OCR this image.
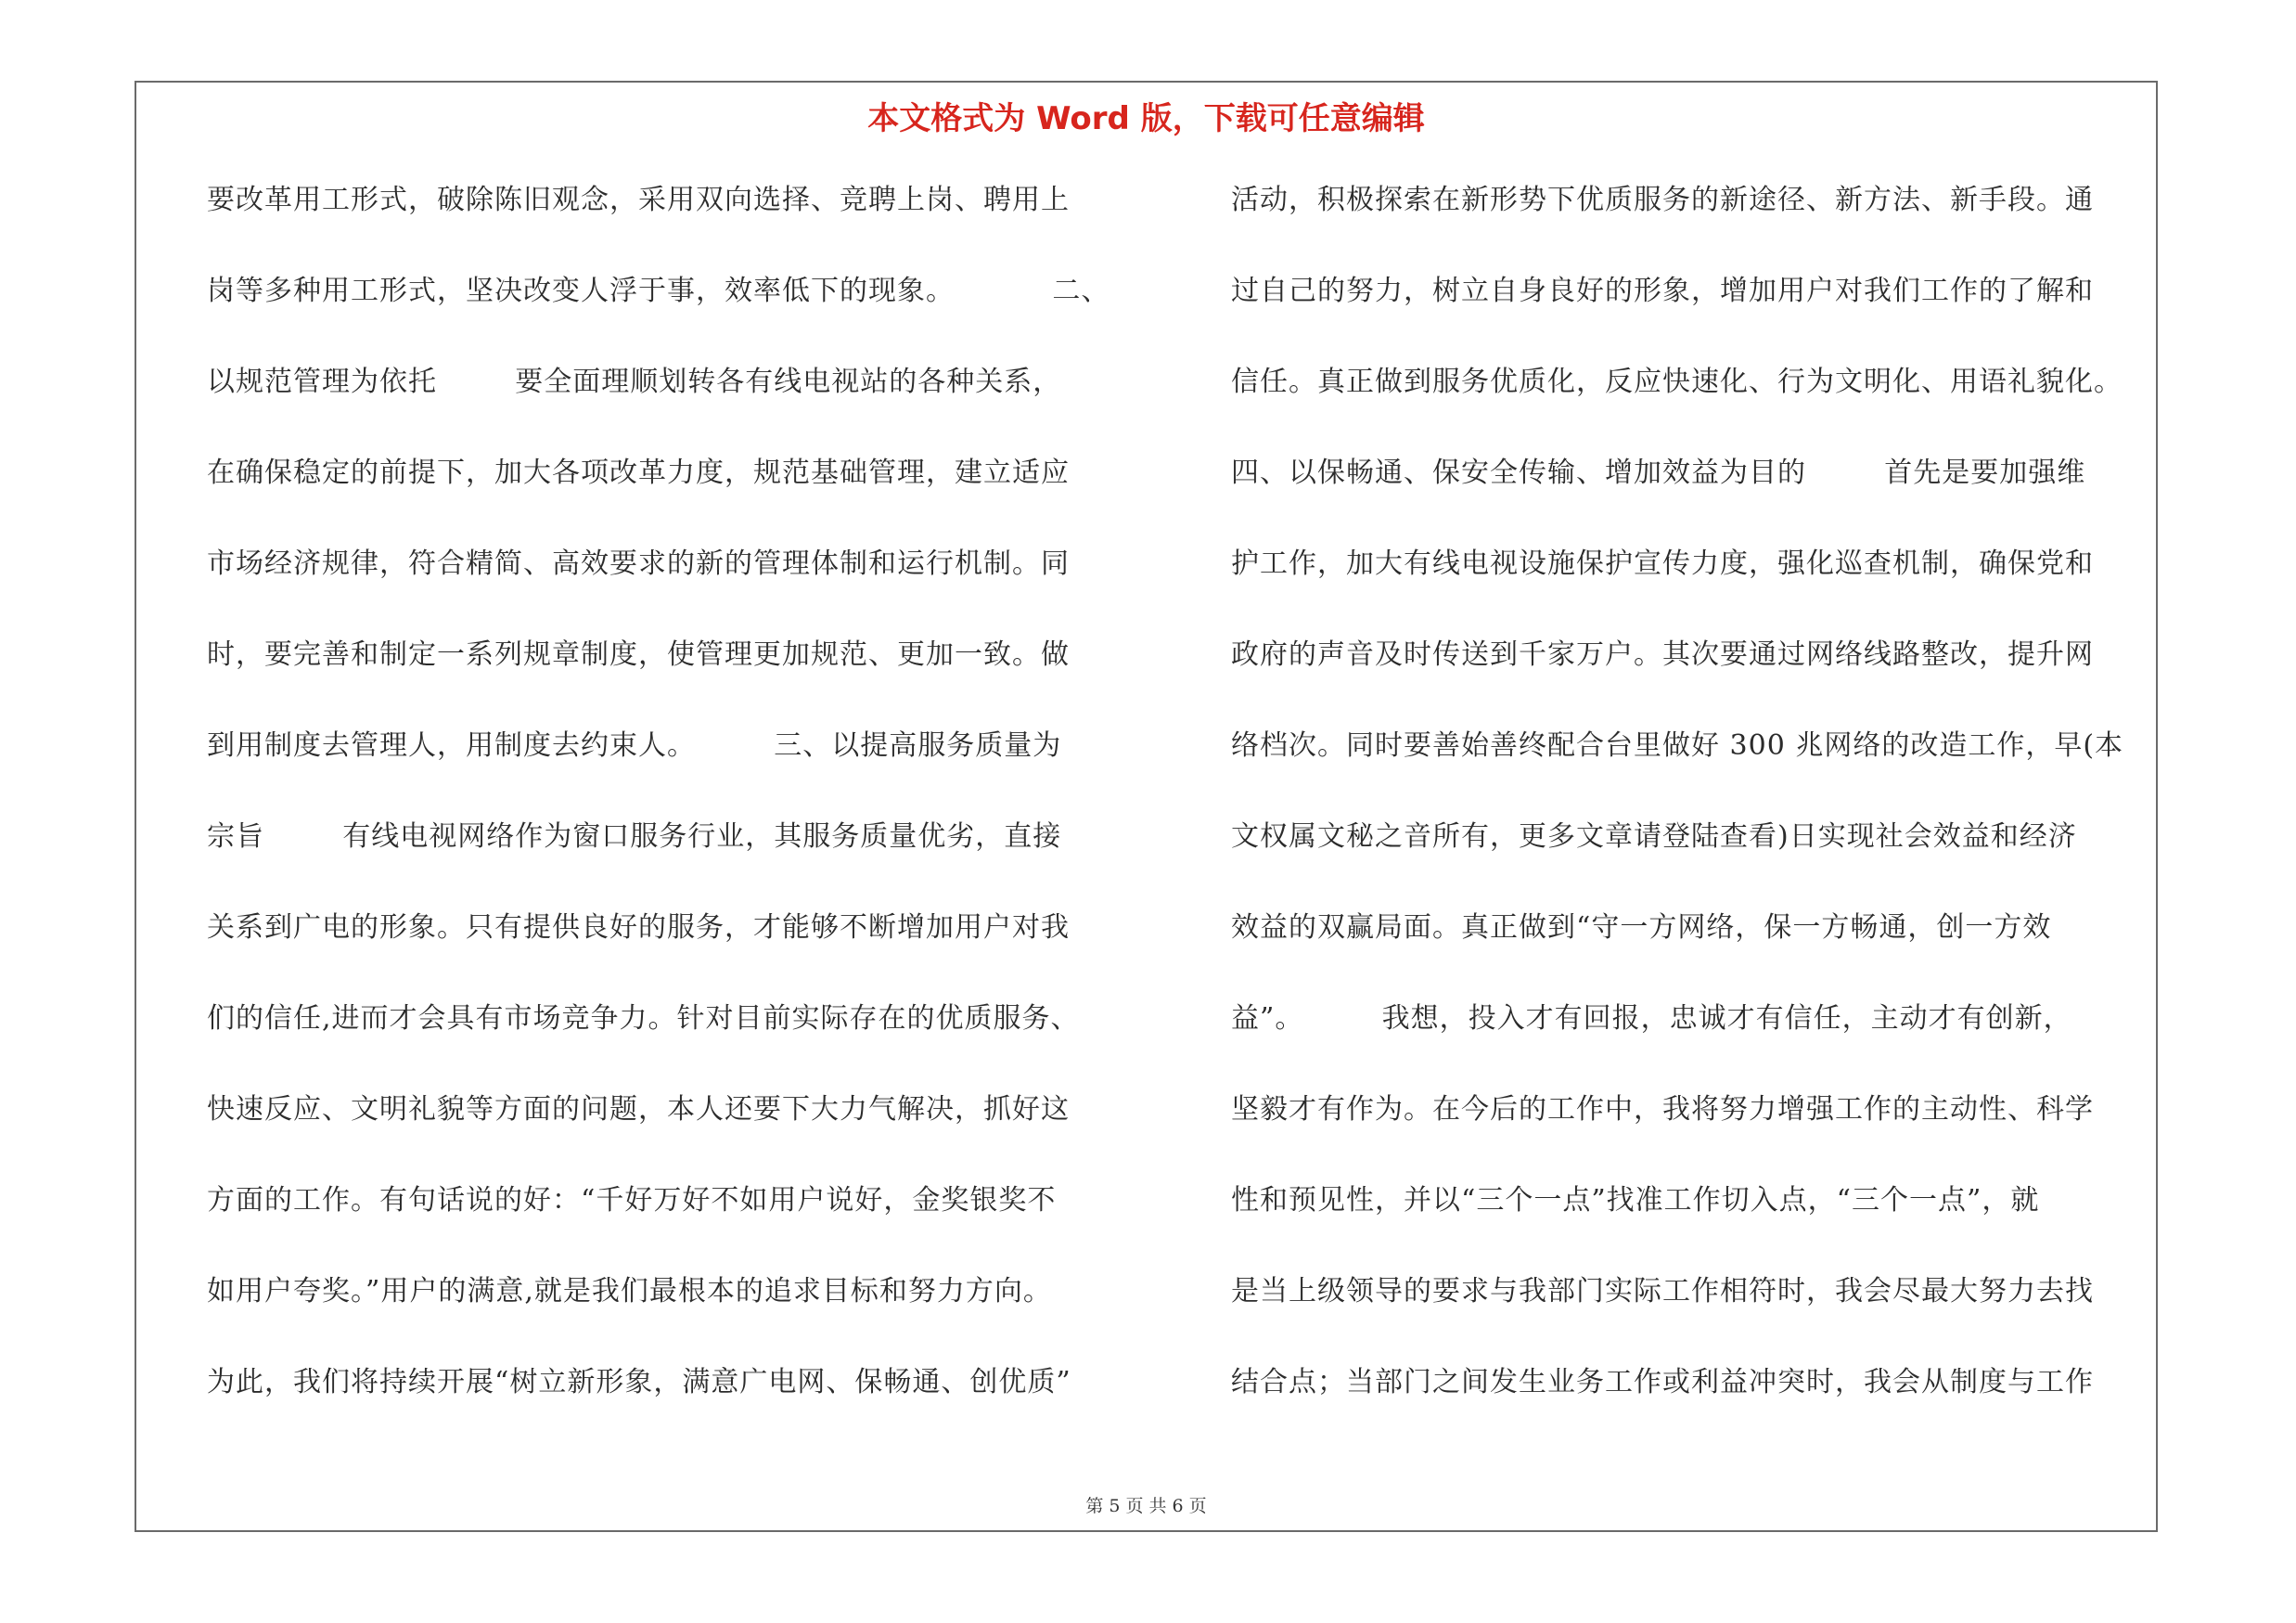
本文格式为 Word 版，下载可任意编辑
要改革用工形式，破除陈旧观念，采用双向选择、竞聘上岗、聘用上
岗等多种用工形式，坚决改变人浮于事，效率低下的现象。          二、
以规范管理为依托        要全面理顺划转各有线电视站的各种关系，
在确保稳定的前提下，加大各项改革力度，规范基础管理，建立适应
市场经济规律，符合精简、高效要求的新的管理体制和运行机制。同
时，要完善和制定一系列规章制度，使管理更加规范、更加一致。做
到用制度去管理人，用制度去约束人。        三、以提高服务质量为
宗旨        有线电视网络作为窗口服务行业，其服务质量优劣，直接
关系到广电的形象。只有提供良好的服务，才能够不断增加用户对我
们的信任,进而才会具有市场竞争力。针对目前实际存在的优质服务、
快速反应、文明礼貌等方面的问题，本人还要下大力气解决，抓好这
方面的工作。有句话说的好：“千好万好不如用户说好，金奖银奖不
如用户夸奖。”用户的满意,就是我们最根本的追求目标和努力方向。
为此，我们将持续开展“树立新形象，满意广电网、保畅通、创优质”
活动，积极探索在新形势下优质服务的新途径、新方法、新手段。通
过自己的努力，树立自身良好的形象，增加用户对我们工作的了解和
信任。真正做到服务优质化，反应快速化、行为文明化、用语礼貌化。
四、以保畅通、保安全传输、增加效益为目的        首先是要加强维
护工作，加大有线电视设施保护宣传力度，强化巡查机制，确保党和
政府的声音及时传送到千家万户。其次要通过网络线路整改，提升网
络档次。同时要善始善终配合台里做好 300 兆网络的改造工作，早(本
文权属文秘之音所有，更多文章请登陆查看)日实现社会效益和经济
效益的双赢局面。真正做到“守一方网络，保一方畅通，创一方效
益”。        我想，投入才有回报，忠诚才有信任，主动才有创新，
坚毅才有作为。在今后的工作中，我将努力增强工作的主动性、科学
性和预见性，并以“三个一点”找准工作切入点，“三个一点”，就
是当上级领导的要求与我部门实际工作相符时，我会尽最大努力去找
结合点；当部门之间发生业务工作或利益冲突时，我会从制度与工作
第 5 页 共 6 页
